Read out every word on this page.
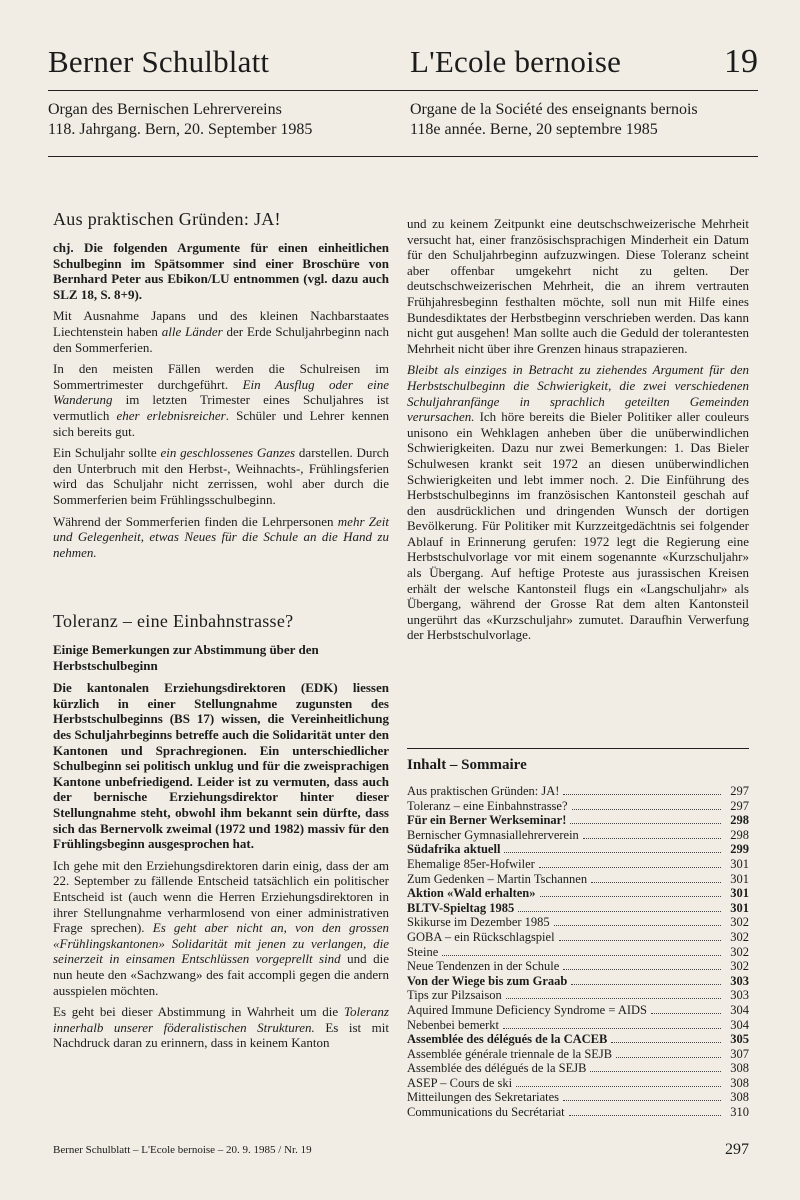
Berner Schulblatt	L'Ecole bernoise	19
Organ des Bernischen Lehrervereins
118. Jahrgang. Bern, 20. September 1985
Organe de la Société des enseignants bernois
118e année. Berne, 20 septembre 1985
Aus praktischen Gründen: JA!

chj. Die folgenden Argumente für einen einheitlichen Schulbeginn im Spätsommer sind einer Broschüre von Bernhard Peter aus Ebikon/LU entnommen (vgl. dazu auch SLZ 18, S. 8+9).

Mit Ausnahme Japans und des kleinen Nachbarstaates Liechtenstein haben alle Länder der Erde Schuljahrbeginn nach den Sommerferien.

In den meisten Fällen werden die Schulreisen im Sommertrimester durchgeführt. Ein Ausflug oder eine Wanderung im letzten Trimester eines Schuljahres ist vermutlich eher erlebnisreicher. Schüler und Lehrer kennen sich bereits gut.

Ein Schuljahr sollte ein geschlossenes Ganzes darstellen. Durch den Unterbruch mit den Herbst-, Weihnachts-, Frühlingsferien wird das Schuljahr nicht zerrissen, wohl aber durch die Sommerferien beim Frühlingsschulbeginn.

Während der Sommerferien finden die Lehrpersonen mehr Zeit und Gelegenheit, etwas Neues für die Schule an die Hand zu nehmen.

Toleranz – eine Einbahnstrasse?
Einige Bemerkungen zur Abstimmung über den Herbstschulbeginn

Die kantonalen Erziehungsdirektoren (EDK) liessen kürzlich in einer Stellungnahme zugunsten des Herbstschulbeginns (BS 17) wissen, die Vereinheitlichung des Schuljahrbeginns betreffe auch die Solidarität unter den Kantonen und Sprachregionen. Ein unterschiedlicher Schulbeginn sei politisch unklug und für die zweisprachigen Kantone unbefriedigend. Leider ist zu vermuten, dass auch der bernische Erziehungsdirektor hinter dieser Stellungnahme steht, obwohl ihm bekannt sein dürfte, dass sich das Bernervolk zweimal (1972 und 1982) massiv für den Frühlingsbeginn ausgesprochen hat.

Ich gehe mit den Erziehungsdirektoren darin einig, dass der am 22. September zu fällende Entscheid tatsächlich ein politischer Entscheid ist (auch wenn die Herren Erziehungsdirektoren in ihrer Stellungnahme verharmlosend von einer administrativen Frage sprechen). Es geht aber nicht an, von den grossen «Frühlingskantonen» Solidarität mit jenen zu verlangen, die seinerzeit in einsamen Entschlüssen vorgeprellt sind und die nun heute den «Sachzwang» des fait accompli gegen die andern ausspielen möchten.

Es geht bei dieser Abstimmung in Wahrheit um die Toleranz innerhalb unserer föderalistischen Strukturen. Es ist mit Nachdruck daran zu erinnern, dass in keinem Kanton

und zu keinem Zeitpunkt eine deutschschweizerische Mehrheit versucht hat, einer französischsprachigen Minderheit ein Datum für den Schuljahrbeginn aufzuzwingen. Diese Toleranz scheint aber offenbar umgekehrt nicht zu gelten. Der deutschschweizerischen Mehrheit, die an ihrem vertrauten Frühjahresbeginn festhalten möchte, soll nun mit Hilfe eines Bundesdiktates der Herbstbeginn verschrieben werden. Das kann nicht gut ausgehen! Man sollte auch die Geduld der tolerantesten Mehrheit nicht über ihre Grenzen hinaus strapazieren.

Bleibt als einziges in Betracht zu ziehendes Argument für den Herbstschulbeginn die Schwierigkeit, die zwei verschiedenen Schuljahranfänge in sprachlich geteilten Gemeinden verursachen. Ich höre bereits die Bieler Politiker aller couleurs unisono ein Wehklagen anheben über die unüberwindlichen Schwierigkeiten. Dazu nur zwei Bemerkungen: 1. Das Bieler Schulwesen krankt seit 1972 an diesen unüberwindlichen Schwierigkeiten und lebt immer noch. 2. Die Einführung des Herbstschulbeginns im französischen Kantonsteil geschah auf den ausdrücklichen und dringenden Wunsch der dortigen Bevölkerung. Für Politiker mit Kurzzeitgedächtnis sei folgender Ablauf in Erinnerung gerufen: 1972 legt die Regierung eine Herbstschulvorlage vor mit einem sogenannte «Kurzschuljahr» als Übergang. Auf heftige Proteste aus jurassischen Kreisen erhält der welsche Kantonsteil flugs ein «Langschuljahr» als Übergang, während der Grosse Rat dem alten Kantonsteil ungerührt das «Kurzschuljahr» zumutet. Daraufhin Verwerfung der Herbstschulvorlage.

Inhalt – Sommaire
Aus praktischen Gründen: JA!	297
Toleranz – eine Einbahnstrasse?	297
Für ein Berner Werkseminar!	298
Bernischer Gymnasiallehrerverein	298
Südafrika aktuell	299
Ehemalige 85er-Hofwiler	301
Zum Gedenken – Martin Tschannen	301
Aktion «Wald erhalten»	301
BLTV-Spieltag 1985	301
Skikurse im Dezember 1985	302
GOBA – ein Rückschlagspiel	302
Steine	302
Neue Tendenzen in der Schule	302
Von der Wiege bis zum Graab	303
Tips zur Pilzsaison	303
Aquired Immune Deficiency Syndrome = AIDS	304
Nebenbei bemerkt	304
Assemblée des délégués de la CACEB	305
Assemblée générale triennale de la SEJB	307
Assemblée des délégués de la SEJB	308
ASEP – Cours de ski	308
Mitteilungen des Sekretariates	308
Communications du Secrétariat	310
Berner Schulblatt – L'Ecole bernoise – 20. 9. 1985 / Nr. 19	297
